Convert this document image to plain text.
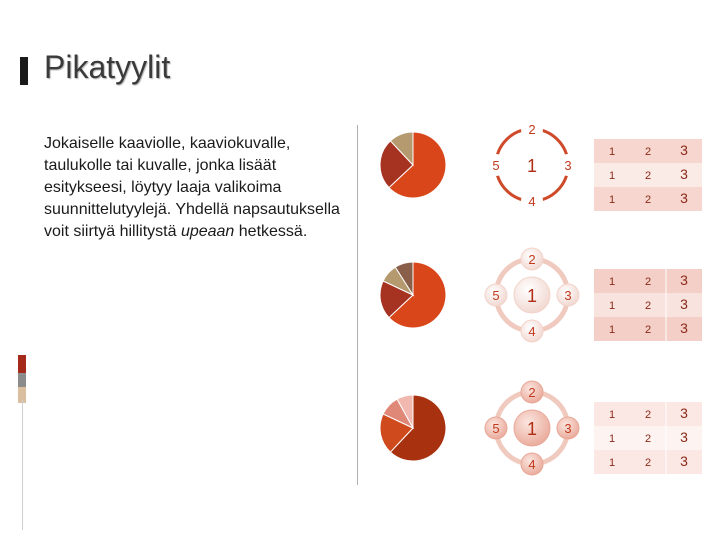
Pikatyylit
Jokaiselle kaaviolle, kaaviokuvalle, taulukolle tai kuvalle, jonka lisäät esitykseesi, löytyy laaja valikoima suunnittelutyylejä. Yhdellä napsautuksella voit siirtyä hillitystä upeaan hetkessä.
1
2
3
4
5
1	2 3
1	2 3
1	2 3
1
2
3
4
5
1	2 3
1	2 3
1	2 3
1
2
3
4
5
1	2 3
1	2 3
1	2 3
